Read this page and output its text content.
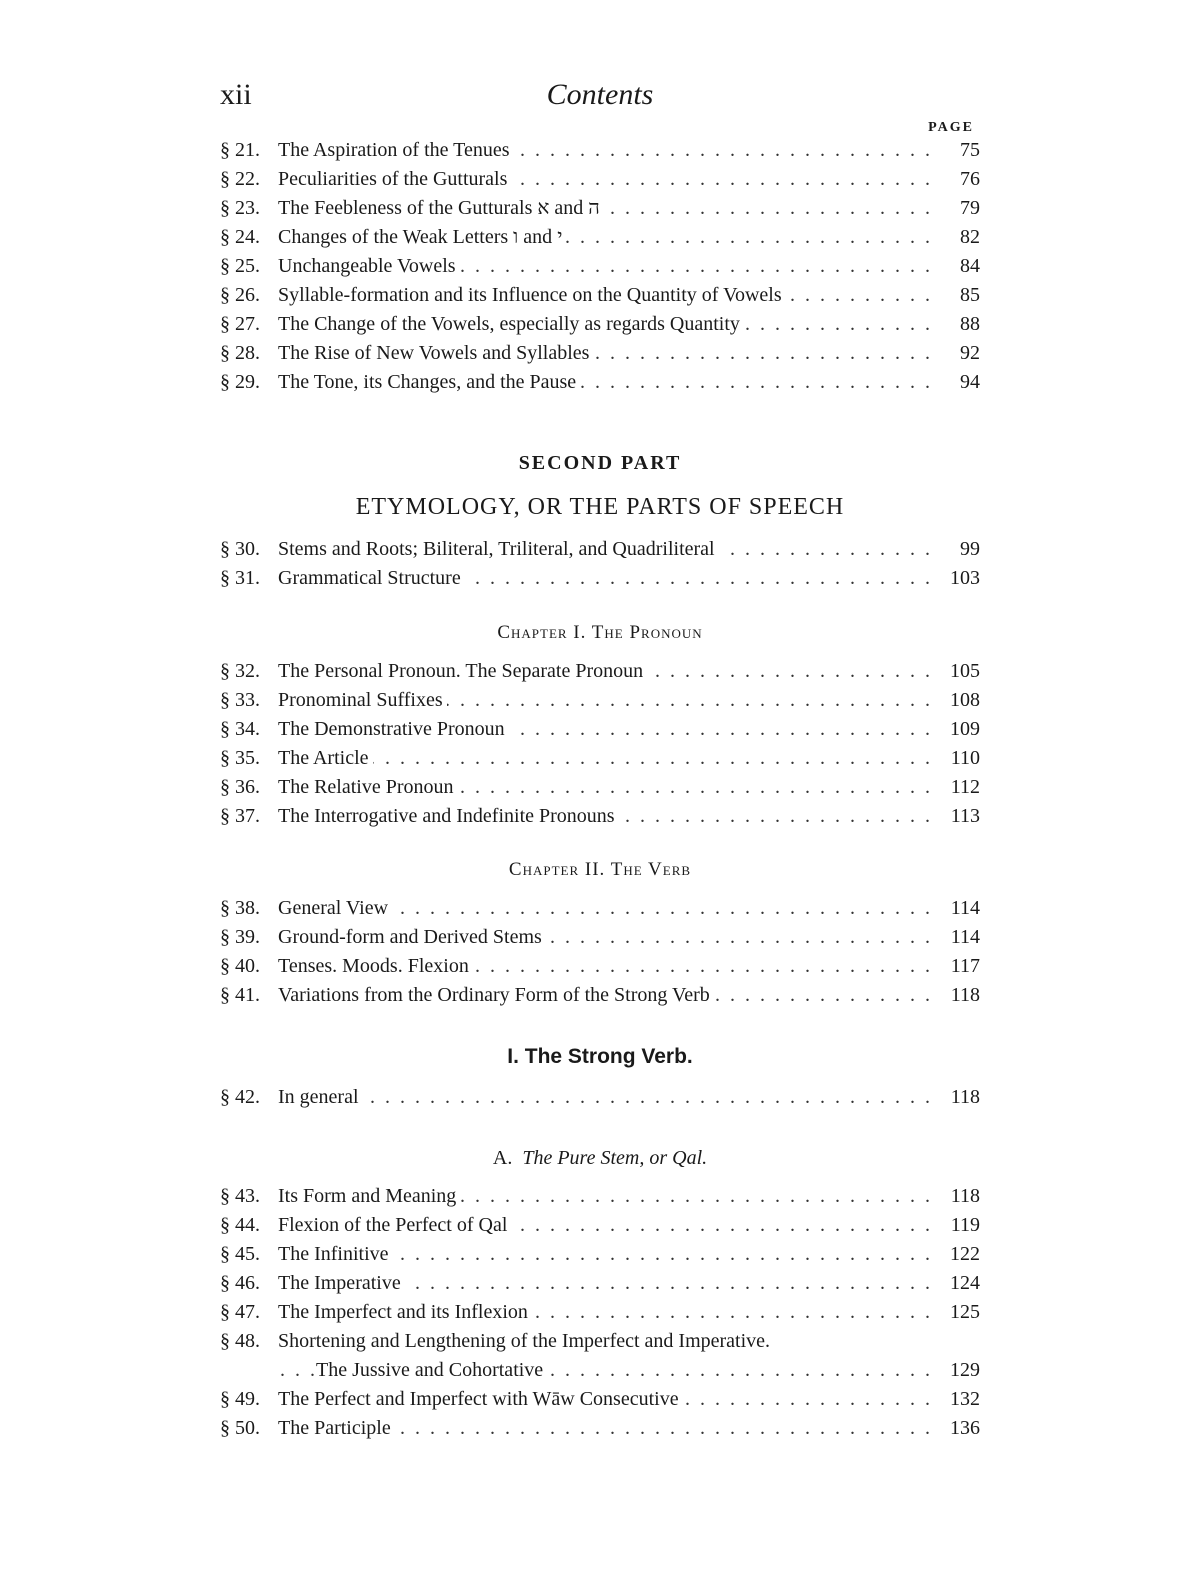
xii	Contents
PAGE
§ 21. The Aspiration of the Tenues . .	75
§ 22. Peculiarities of the Gutturals . .	76
§ 23. The Feebleness of the Gutturals א and ה . .	79
§ 24. Changes of the Weak Letters ו and י . .	82
§ 25. Unchangeable Vowels . .	84
§ 26. Syllable-formation and its Influence on the Quantity of Vowels . .	85
§ 27. The Change of the Vowels, especially as regards Quantity . .	88
§ 28. The Rise of New Vowels and Syllables . .	92
§ 29. The Tone, its Changes, and the Pause . .	94
SECOND PART
ETYMOLOGY, OR THE PARTS OF SPEECH
§ 30. Stems and Roots; Biliteral, Triliteral, and Quadriliteral . .	99
§ 31. Grammatical Structure . .	103
Chapter I. The Pronoun
§ 32. The Personal Pronoun. The Separate Pronoun . .	105
§ 33. Pronominal Suffixes . .	108
§ 34. The Demonstrative Pronoun . .	109
§ 35. The Article . .	110
§ 36. The Relative Pronoun . .	112
§ 37. The Interrogative and Indefinite Pronouns . .	113
Chapter II. The Verb
§ 38. General View . .	114
§ 39. Ground-form and Derived Stems . .	114
§ 40. Tenses. Moods. Flexion . .	117
§ 41. Variations from the Ordinary Form of the Strong Verb . .	118
I. The Strong Verb.
§ 42. In general . .	118
A. The Pure Stem, or Qal.
§ 43. Its Form and Meaning . .	118
§ 44. Flexion of the Perfect of Qal . .	119
§ 45. The Infinitive . .	122
§ 46. The Imperative . .	124
§ 47. The Imperfect and its Inflexion . .	125
§ 48. Shortening and Lengthening of the Imperfect and Imperative.
The Jussive and Cohortative . .	129
§ 49. The Perfect and Imperfect with Wāw Consecutive . .	132
§ 50. The Participle . .	136
